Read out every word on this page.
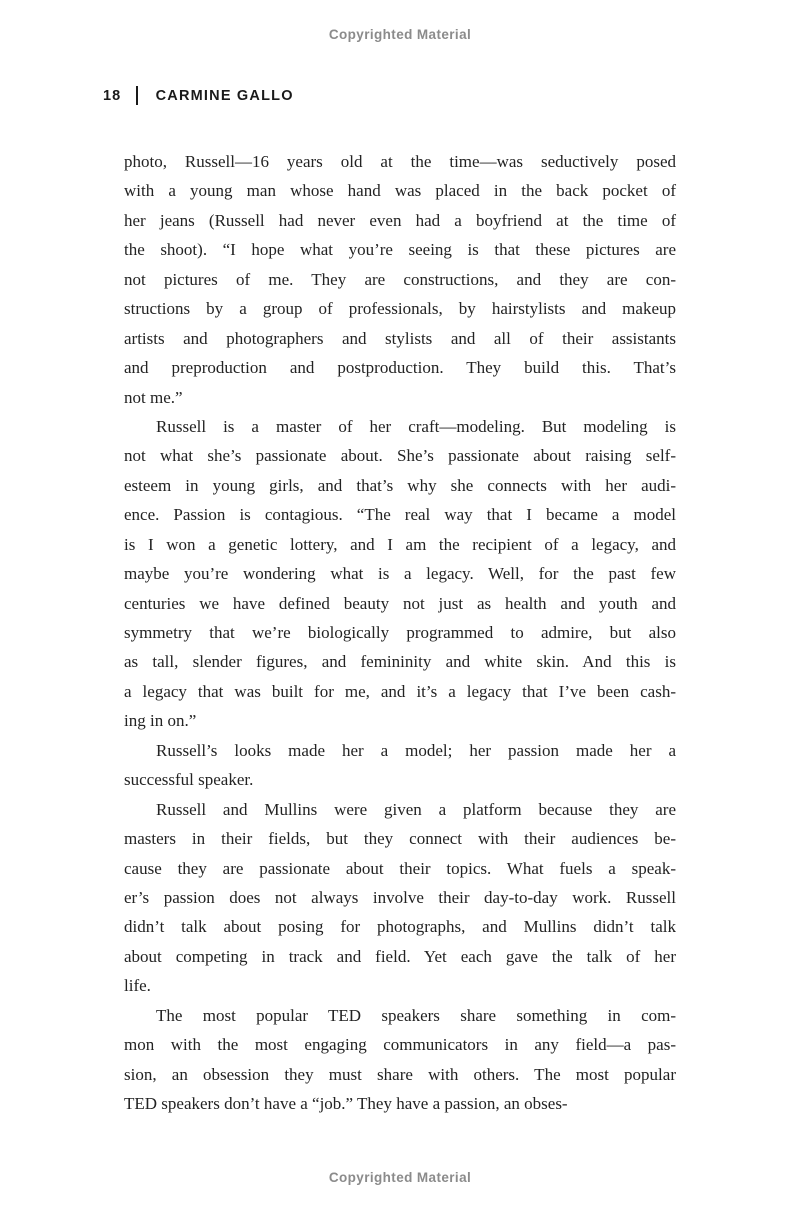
Copyrighted Material
18 CARMINE GALLO
photo, Russell—16 years old at the time—was seductively posed
with a young man whose hand was placed in the back pocket of
her jeans (Russell had never even had a boyfriend at the time of
the shoot). “I hope what you’re seeing is that these pictures are
not pictures of me. They are constructions, and they are con-
structions by a group of professionals, by hairstylists and makeup
artists and photographers and stylists and all of their assistants
and preproduction and postproduction. They build this. That’s
not me.”
Russell is a master of her craft—modeling. But modeling is
not what she’s passionate about. She’s passionate about raising self-
esteem in young girls, and that’s why she connects with her audi-
ence. Passion is contagious. “The real way that I became a model
is I won a genetic lottery, and I am the recipient of a legacy, and
maybe you’re wondering what is a legacy. Well, for the past few
centuries we have defined beauty not just as health and youth and
symmetry that we’re biologically programmed to admire, but also
as tall, slender figures, and femininity and white skin. And this is
a legacy that was built for me, and it’s a legacy that I’ve been cash-
ing in on.”
Russell’s looks made her a model; her passion made her a
successful speaker.
Russell and Mullins were given a platform because they are
masters in their fields, but they connect with their audiences be-
cause they are passionate about their topics. What fuels a speak-
er’s passion does not always involve their day-to-day work. Russell
didn’t talk about posing for photographs, and Mullins didn’t talk
about competing in track and field. Yet each gave the talk of her
life.
The most popular TED speakers share something in com-
mon with the most engaging communicators in any field—a pas-
sion, an obsession they must share with others. The most popular
TED speakers don’t have a “job.” They have a passion, an obses-
Copyrighted Material
